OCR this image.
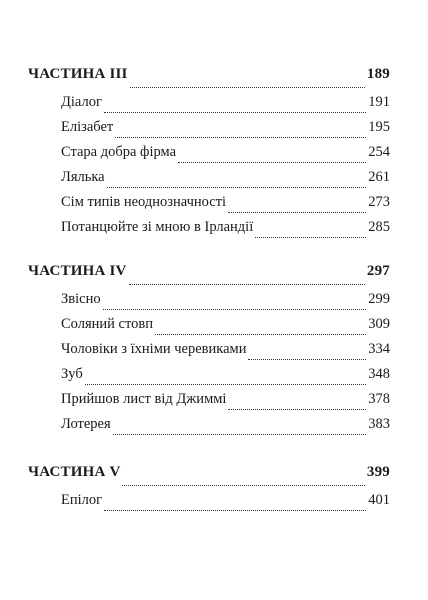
ЧАСТИНА III	189
Діалог	191
Елізабет	195
Стара добра фірма	254
Лялька	261
Сім типів неоднозначності	273
Потанцюйте зі мною в Ірландії	285
ЧАСТИНА IV	297
Звісно	299
Соляний стовп	309
Чоловіки з їхніми черевиками	334
Зуб	348
Прийшов лист від Джиммі	378
Лотерея	383
ЧАСТИНА V	399
Епілог	401
